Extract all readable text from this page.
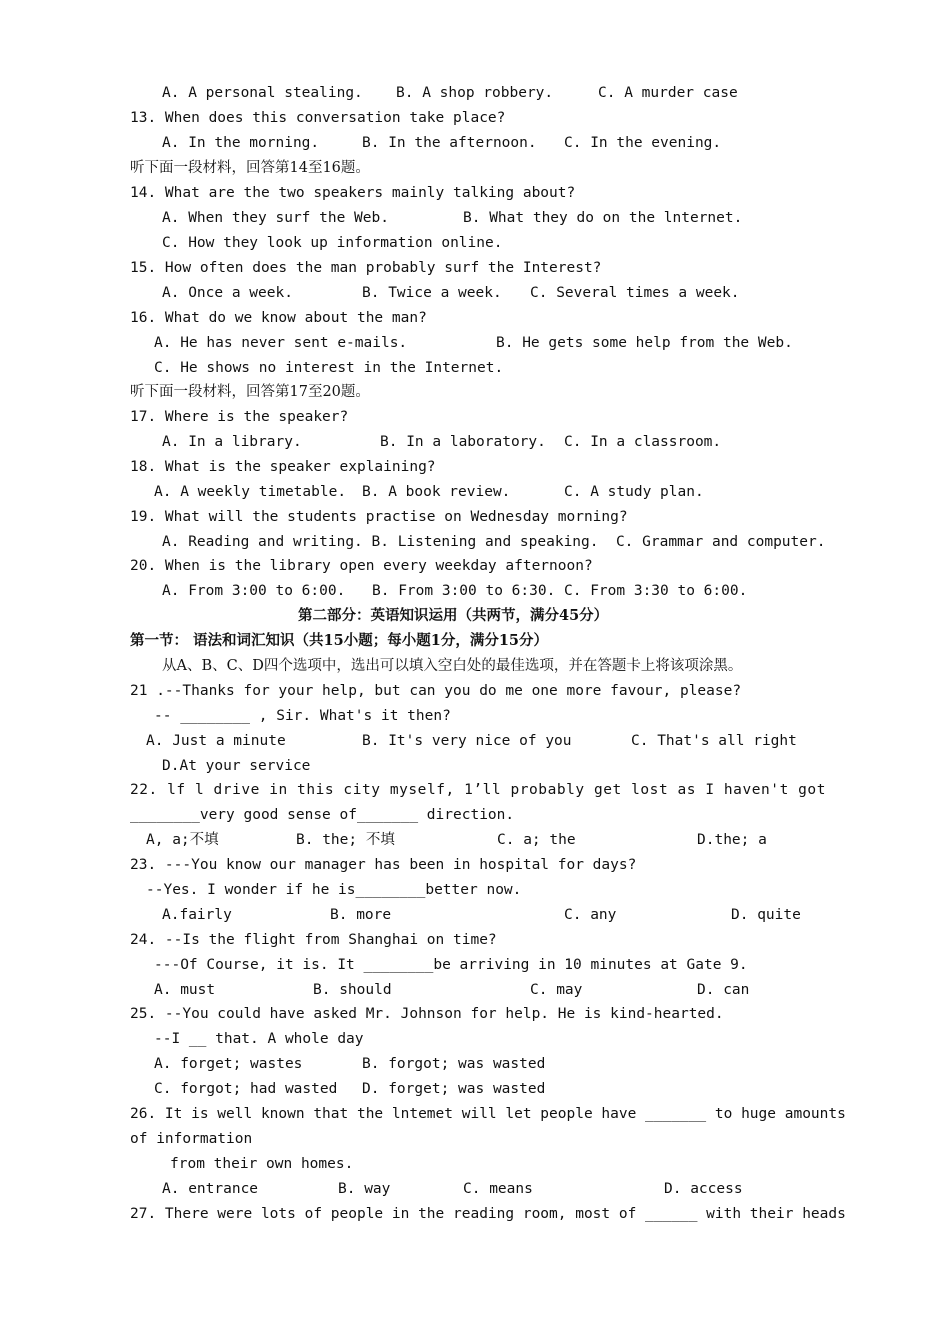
A. A personal stealing. B. A shop robbery.	C. A murder case
13. When does this conversation take place?
A. In the morning.	B. In the afternoon. C. In the evening.
听下面一段材料，回答第14至16题。
14. What are the two speakers mainly talking about?
A. When they surf the Web.	B. What they do on the lnternet.
C. How they look up information online.
15. How often does the man probably surf the Interest?
A. Once a week.	B. Twice a week. C. Several times a week.
16. What do we know about the man?
A. He has never sent e-mails.	B. He gets some help from the Web.
C. He shows no interest in the Internet.
听下面一段材料，回答第17至20题。
17. Where is the speaker?
A. In a library.	B. In a laboratory. C. In a classroom.
18. What is the speaker explaining?
A. A weekly timetable. B. A book review.	C. A study plan.
19. What will the students practise on Wednesday morning?
A. Reading and writing. B. Listening and speaking.  C. Grammar and computer.
20. When is the library open every weekday afternoon?
A. From 3:00 to 6:00. B. From 3:00 to 6:30. C. From 3:30 to 6:00.
第二部分：英语知识运用（共两节，满分45分）
第一节： 语法和词汇知识（共15小题；每小题1分，满分15分）
从A、B、C、D四个选项中，选出可以填入空白处的最佳选项，并在答题卡上将该项涂黑。
21 .--Thanks for your help, but can you do me one more favour, please?
-- ________ , Sir. What's it then?
A. Just a minute	B. It's very nice of you	C. That's all right
D.At your service
22. lf l drive in this city myself, 1’ll probably get lost as I haven't got
________very good sense of_______ direction.
A, a;不填	B. the; 不填	C. a; the	D.the; a
23. ---You know our manager has been in hospital for days?
--Yes. I wonder if he is________better now.
A.fairly	B. more	C. any	D. quite
24. --Is the flight from Shanghai on time?
---Of Course, it is. It ________be arriving in 10 minutes at Gate 9.
A. must	B. should	C. may	D. can
25. --You could have asked Mr. Johnson for help. He is kind-hearted.
--I __ that. A whole day
A. forget; wastes	B. forgot; was wasted
C. forgot; had wasted D. forget; was wasted
26. It is well known that the lntemet will let people have _______ to huge amounts
of information
from their own homes.
A. entrance	B. way	C. means	D. access
27. There were lots of people in the reading room, most of ______ with their heads
